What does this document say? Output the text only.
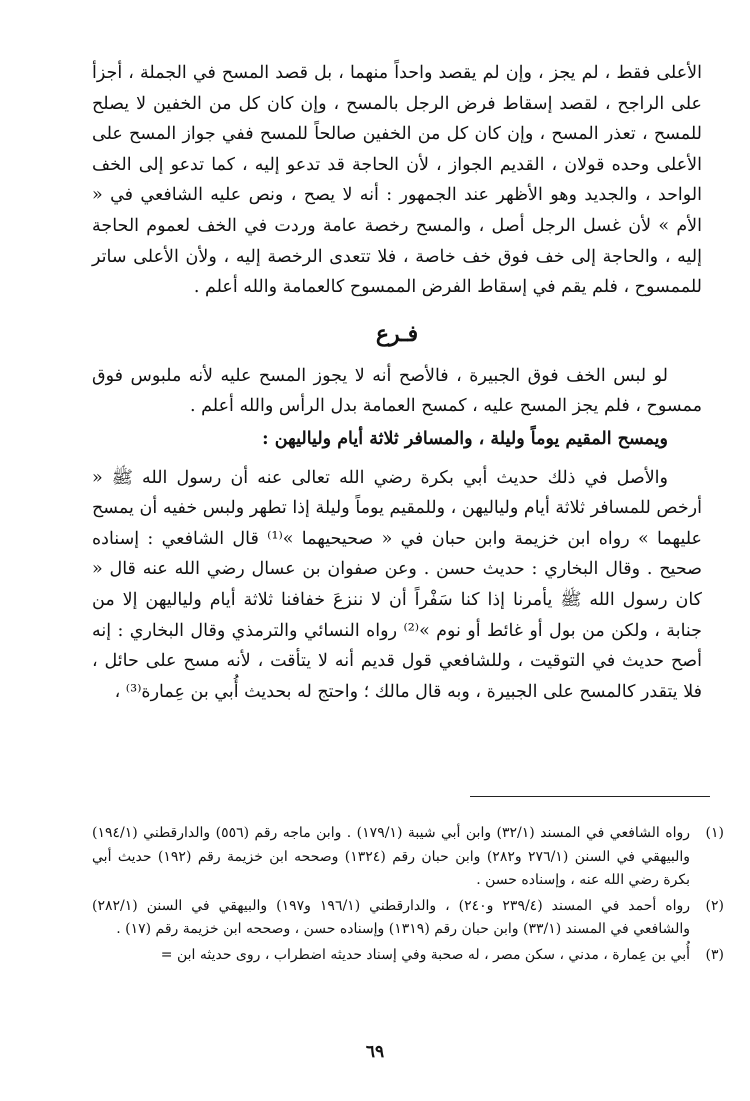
الأعلى فقط ، لم يجز ، وإن لم يقصد واحداً منهما ، بل قصد المسح في الجملة ، أجزأ على الراجح ، لقصد إسقاط فرض الرجل بالمسح ، وإن كان كل من الخفين لا يصلح للمسح ، تعذر المسح ، وإن كان كل من الخفين صالحاً للمسح ففي جواز المسح على الأعلى وحده قولان ، القديم الجواز ، لأن الحاجة قد تدعو إليه ، كما تدعو إلى الخف الواحد ، والجديد وهو الأظهر عند الجمهور : أنه لا يصح ، ونص عليه الشافعي في « الأم » لأن غسل الرجل أصل ، والمسح رخصة عامة وردت في الخف لعموم الحاجة إليه ، والحاجة إلى خف فوق خف خاصة ، فلا تتعدى الرخصة إليه ، ولأن الأعلى ساتر للممسوح ، فلم يقم في إسقاط الفرض الممسوح كالعمامة والله أعلم .

فـرع

لو لبس الخف فوق الجبيرة ، فالأصح أنه لا يجوز المسح عليه لأنه ملبوس فوق ممسوح ، فلم يجز المسح عليه ، كمسح العمامة بدل الرأس والله أعلم .

ويمسح المقيم يوماً وليلة ، والمسافر ثلاثة أيام ولياليهن :

والأصل في ذلك حديث أبي بكرة رضي الله تعالى عنه أن رسول الله ﷺ « أرخص للمسافر ثلاثة أيام ولياليهن ، وللمقيم يوماً وليلة إذا تطهر ولبس خفيه أن يمسح عليهما » رواه ابن خزيمة وابن حبان في « صحيحيهما »⁽¹⁾ قال الشافعي : إسناده صحيح . وقال البخاري : حديث حسن . وعن صفوان بن عسال رضي الله عنه قال « كان رسول الله ﷺ يأمرنا إذا كنا سَفْراً أن لا ننزعَ خفافنا ثلاثة أيام ولياليهن إلا من جنابة ، ولكن من بول أو غائط أو نوم »⁽²⁾ رواه النسائي والترمذي وقال البخاري : إنه أصح حديث في التوقيت ، وللشافعي قول قديم أنه لا يتأقت ، لأنه مسح على حائل ، فلا يتقدر كالمسح على الجبيرة ، وبه قال مالك ؛ واحتج له بحديث أُبي بن عِمارة⁽³⁾ ،

(١)
رواه الشافعي في المسند (٣٢/١) وابن أبي شيبة (١٧٩/١) . وابن ماجه رقم (٥٥٦) والدارقطني (١٩٤/١) والبيهقي في السنن (٢٧٦/١ و٢٨٢) وابن حبان رقم (١٣٢٤) وصححه ابن خزيمة رقم (١٩٢) حديث أبي بكرة رضي الله عنه ، وإسناده حسن .
(٢)
رواه أحمد في المسند (٢٣٩/٤ و٢٤٠) ، والدارقطني (١٩٦/١ و١٩٧) والبيهقي في السنن (٢٨٢/١) والشافعي في المسند (٣٣/١) وابن حبان رقم (١٣١٩) وإسناده حسن ، وصححه ابن خزيمة رقم (١٧) .
(٣)
أُبي بن عِمارة ، مدني ، سكن مصر ، له صحبة وفي إسناد حديثه اضطراب ، روى حديثه ابن =
٦٩
